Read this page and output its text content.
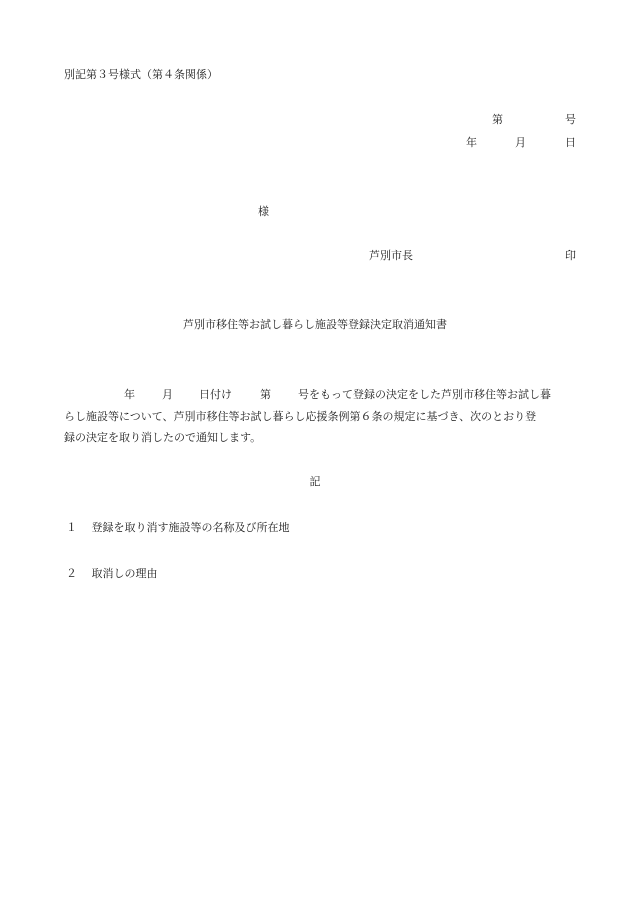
別記第３号様式（第４条関係）
第	号
年	月	日
様
芦別市長	印
芦別市移住等お試し暮らし施設等登録決定取消通知書
年 月 日付け	第 号をもって登録の決定をした芦別市移住等お試し暮
らし施設等について、芦別市移住等お試し暮らし応援条例第６条の規定に基づき、次のとおり登
録の決定を取り消したので通知します。
記
１ 登録を取り消す施設等の名称及び所在地
２ 取消しの理由
